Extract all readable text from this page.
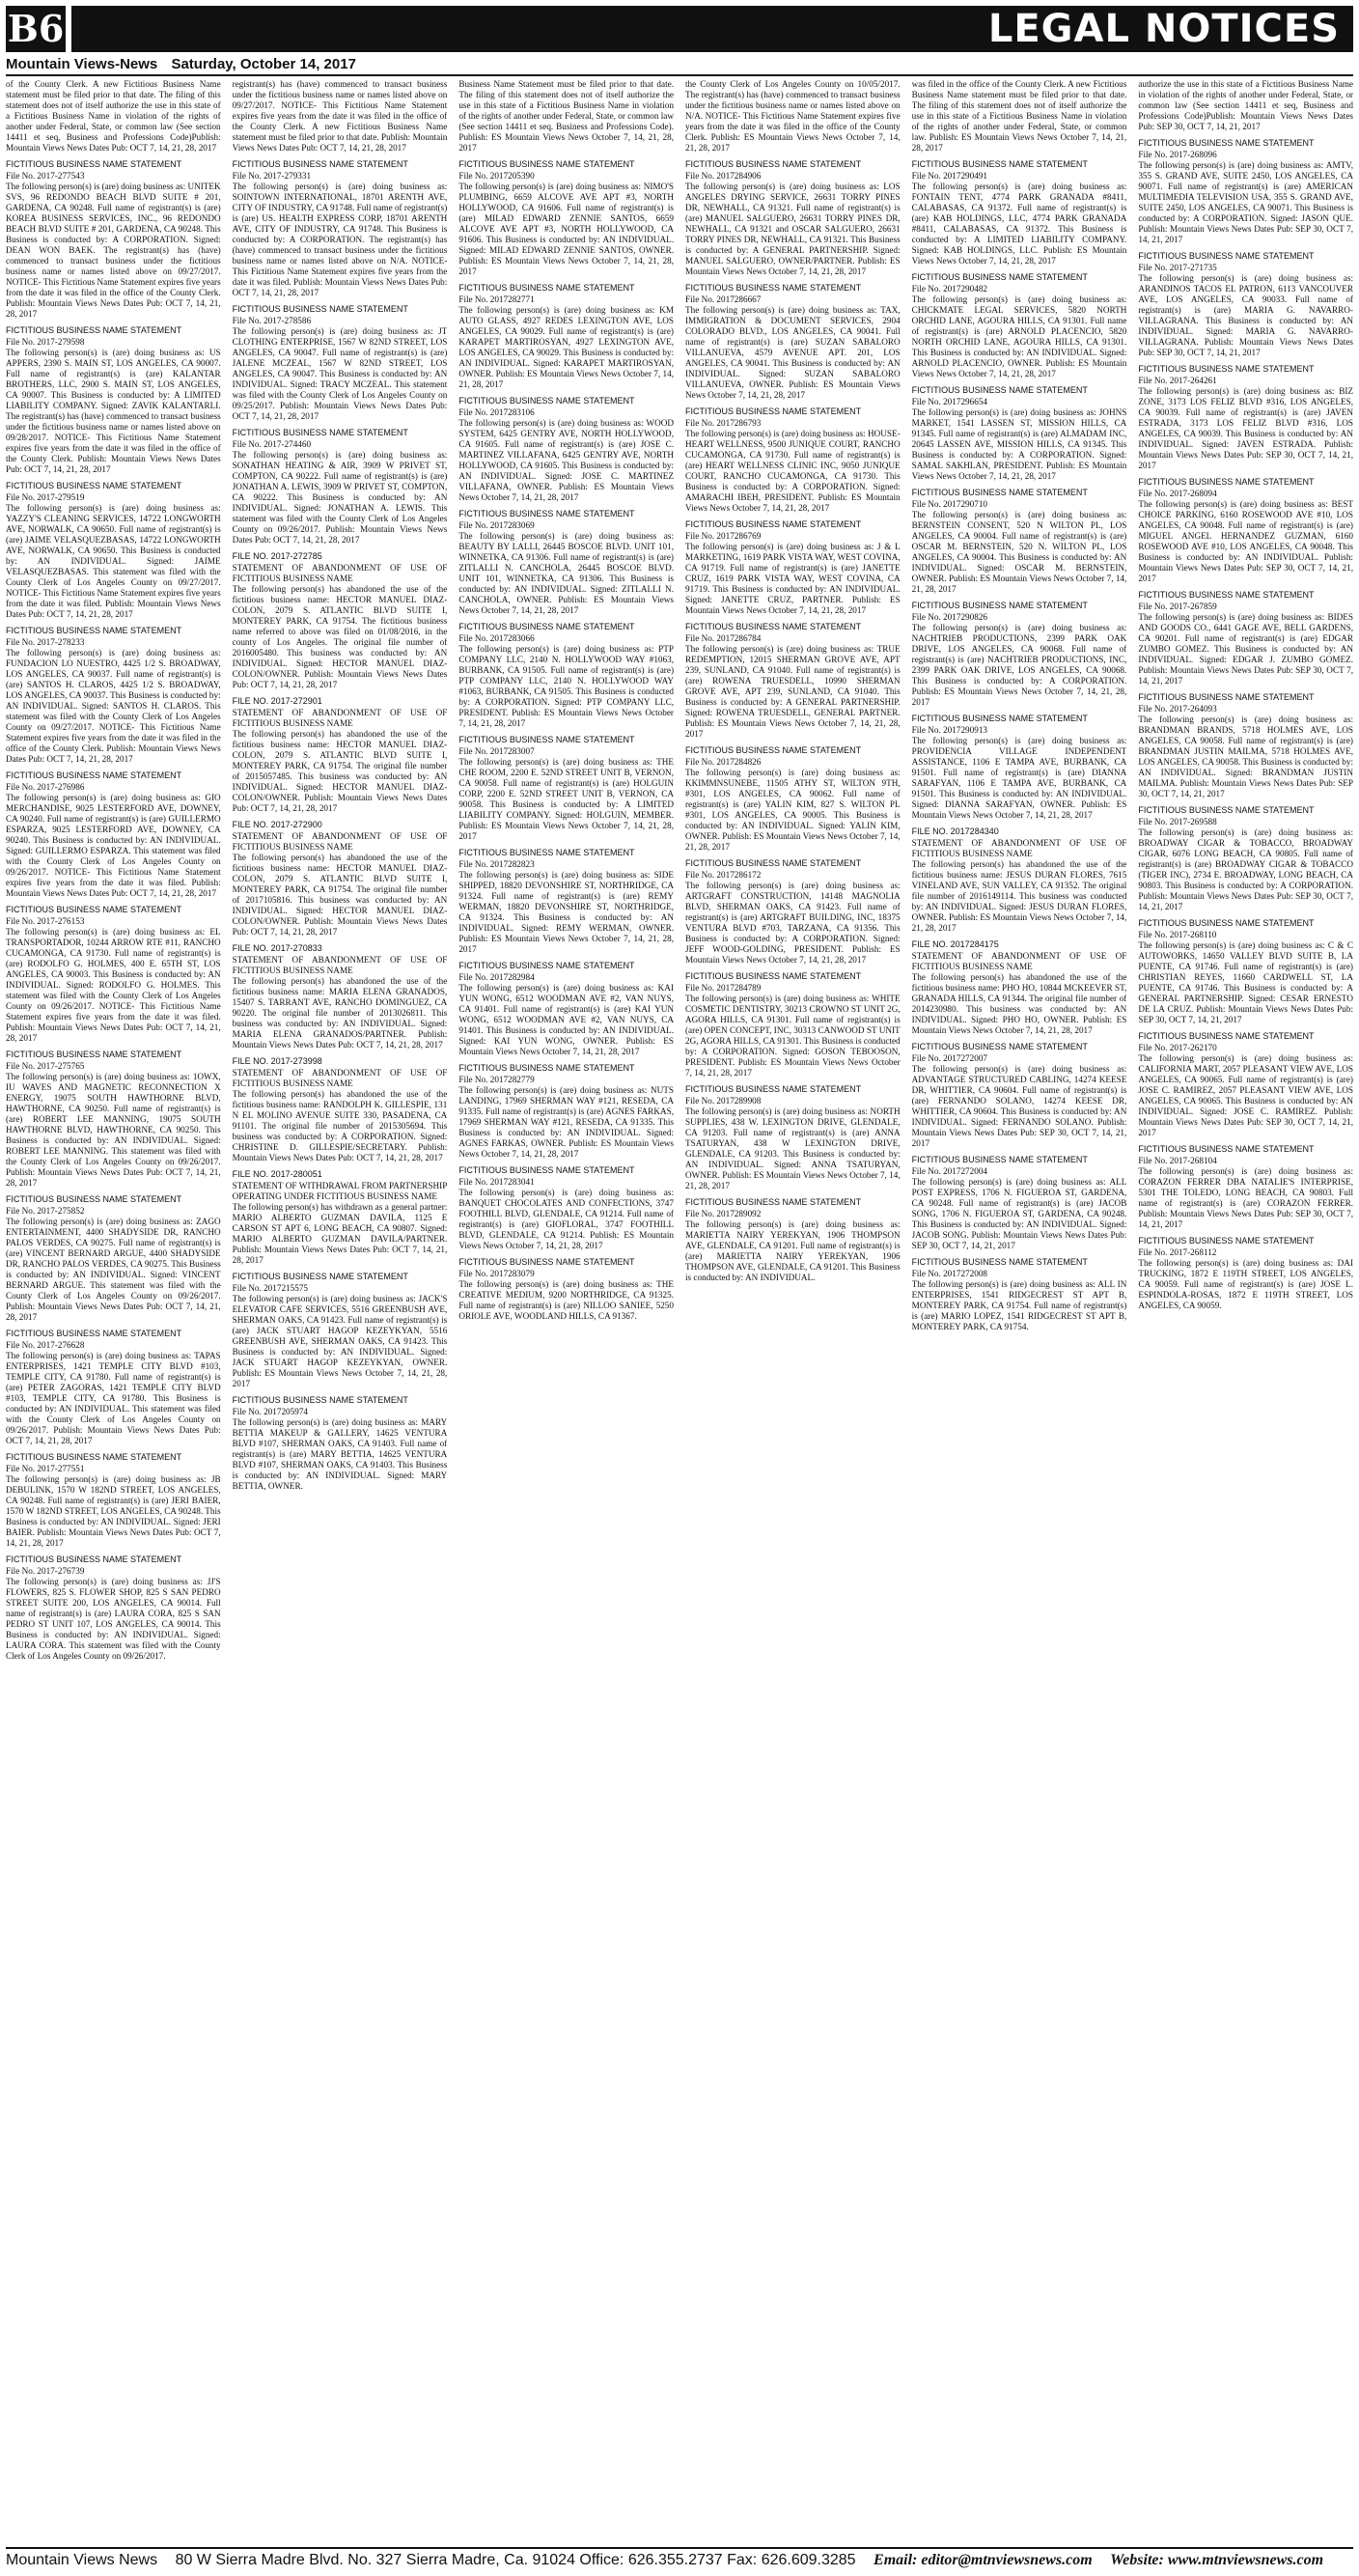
B6	LEGAL NOTICES
Mountain Views-News Saturday, October 14, 2017
of the County Clerk. A new Fictitious Business Name statement must be filed prior to that date. The filing of this statement does not of itself authorize the use in this state of a Fictitious Business Name in violation of the rights of another under Federal, State, or common law (See section 14411 et seq, Business and Professions Code)Publish: Mountain Views News Dates Pub: OCT 7, 14, 21, 28, 2017
FICTITIOUS BUSINESS NAME STATEMENT
File No. 2017-277543
The following person(s) is (are) doing business as: UNITEK SVS, 96 REDONDO BEACH BLVD SUITE # 201, GARDENA, CA 90248. Full name of registrant(s) is (are) KOREA BUSINESS SERVICES, INC., 96 REDONDO BEACH BLVD SUITE # 201, GARDENA, CA 90248. This Business is conducted by: A CORPORATION. Signed: DEAN WON BAEK. The registrant(s) has (have) commenced to transact business under the fictitious business name or names listed above on 09/27/2017. NOTICE- This Fictitious Name Statement expires five years from the date it was filed in the office of the County Clerk. Publish: Mountain Views News Dates Pub: OCT 7, 14, 21, 28, 2017
FICTITIOUS BUSINESS NAME STATEMENT
File No. 2017-279598
The following person(s) is (are) doing business as: US APPERS, 2390 S. MAIN ST, LOS ANGELES, CA 90007. Full name of registrant(s) is (are) KALANTAR BROTHERS, LLC, 2900 S. MAIN ST, LOS ANGELES, CA 90007. This Business is conducted by: A LIMITED LIABILITY COMPANY. Signed: ZAVIK KALANTARLI. The registrant(s) has (have) commenced to transact business under the fictitious business name or names listed above on 09/28/2017. NOTICE- This Fictitious Name Statement expires five years from the date it was filed in the office of the County Clerk. Publish: Mountain Views News Dates Pub: OCT 7, 14, 21, 28, 2017
FICTITIOUS BUSINESS NAME STATEMENT
File No. 2017-279519
The following person(s) is (are) doing business as: YAZZY'S CLEANING SERVICES, 14722 LONGWORTH AVE, NORWALK, CA 90650. Full name of registrant(s) is (are) JAIME VELASQUEZBASAS, 14722 LONGWORTH AVE, NORWALK, CA 90650. This Business is conducted by: AN INDIVIDUAL. Signed: JAIME VELASQUEZBASAS. This statement was filed with the County Clerk of Los Angeles County on 09/27/2017. NOTICE- This Fictitious Name Statement expires five years from the date it was filed. Publish: Mountain Views News Dates Pub: OCT 7, 14, 21, 28, 2017
FICTITIOUS BUSINESS NAME STATEMENT
File No. 2017-278233
The following person(s) is (are) doing business as: FUNDACION LO NUESTRO, 4425 1/2 S. BROADWAY, LOS ANGELES, CA 90037. Full name of registrant(s) is (are) SANTOS H. CLAROS, 4425 1/2 S. BROADWAY, LOS ANGELES, CA 90037. This Business is conducted by: AN INDIVIDUAL. Signed: SANTOS H. CLAROS. This statement was filed with the County Clerk of Los Angeles County on 09/27/2017. NOTICE- This Fictitious Name Statement expires five years from the date it was filed in the office of the County Clerk. Publish: Mountain Views News Dates Pub: OCT 7, 14, 21, 28, 2017
FICTITIOUS BUSINESS NAME STATEMENT
File No. 2017-276986
The following person(s) is (are) doing business as: GIO MERCHANDISE, 9025 LESTERFORD AVE, DOWNEY, CA 90240. Full name of registrant(s) is (are) GUILLERMO ESPARZA, 9025 LESTERFORD AVE, DOWNEY, CA 90240. This Business is conducted by: AN INDIVIDUAL. Signed: GUILLERMO ESPARZA. This statement was filed with the County Clerk of Los Angeles County on 09/26/2017. NOTICE- This Fictitious Name Statement expires five years from the date it was filed. Publish: Mountain Views News Dates Pub: OCT 7, 14, 21, 28, 2017
FICTITIOUS BUSINESS NAME STATEMENT
File No. 2017-276153
The following person(s) is (are) doing business as: EL TRANSPORTADOR, 10244 ARROW RTE #11, RANCHO CUCAMONGA, CA 91730. Full name of registrant(s) is (are) RODOLFO G. HOLMES, 400 E. 65TH ST, LOS ANGELES, CA 90003. This Business is conducted by: AN INDIVIDUAL. Signed: RODOLFO G. HOLMES. This statement was filed with the County Clerk of Los Angeles County on 09/26/2017. NOTICE- This Fictitious Name Statement expires five years from the date it was filed. Publish: Mountain Views News Dates Pub: OCT 7, 14, 21, 28, 2017
FICTITIOUS BUSINESS NAME STATEMENT
File No. 2017-275765
The following person(s) is (are) doing business as: 1OWX, IU WAVES AND MAGNETIC RECONNECTION X ENERGY, 19075 SOUTH HAWTHORNE BLVD, HAWTHORNE, CA 90250. Full name of registrant(s) is (are) ROBERT LEE MANNING, 19075 SOUTH HAWTHORNE BLVD, HAWTHORNE, CA 90250. This Business is conducted by: AN INDIVIDUAL. Signed: ROBERT LEE MANNING. This statement was filed with the County Clerk of Los Angeles County on 09/26/2017. Publish: Mountain Views News Dates Pub: OCT 7, 14, 21, 28, 2017
FICTITIOUS BUSINESS NAME STATEMENT
File No. 2017-275852
The following person(s) is (are) doing business as: ZAGO ENTERTAINMENT, 4400 SHADYSIDE DR, RANCHO PALOS VERDES, CA 90275. Full name of registrant(s) is (are) VINCENT BERNARD ARGUE, 4400 SHADYSIDE DR, RANCHO PALOS VERDES, CA 90275. This Business is conducted by: AN INDIVIDUAL. Signed: VINCENT BERNARD ARGUE. This statement was filed with the County Clerk of Los Angeles County on 09/26/2017. Publish: Mountain Views News Dates Pub: OCT 7, 14, 21, 28, 2017
FICTITIOUS BUSINESS NAME STATEMENT
File No. 2017-276628
The following person(s) is (are) doing business as: TAPAS ENTERPRISES, 1421 TEMPLE CITY BLVD #103, TEMPLE CITY, CA 91780. Full name of registrant(s) is (are) PETER ZAGORAS, 1421 TEMPLE CITY BLVD #103, TEMPLE CITY, CA 91780. This Business is conducted by: AN INDIVIDUAL. This statement was filed with the County Clerk of Los Angeles County on 09/26/2017. Publish: Mountain Views News Dates Pub: OCT 7, 14, 21, 28, 2017
FICTITIOUS BUSINESS NAME STATEMENT
File No. 2017-277551
The following person(s) is (are) doing business as: JB DEBULINK, 1570 W 182ND STREET, LOS ANGELES, CA 90248. Full name of registrant(s) is (are) JERI BAIER, 1570 W 182ND STREET, LOS ANGELES, CA 90248. This Business is conducted by: AN INDIVIDUAL. Signed: JERI BAIER. Publish: Mountain Views News Dates Pub: OCT 7, 14, 21, 28, 2017
FICTITIOUS BUSINESS NAME STATEMENT
File No. 2017-276739
The following person(s) is (are) doing business as: JJ'S FLOWERS, 825 S. FLOWER SHOP, 825 S SAN PEDRO STREET SUITE 200, LOS ANGELES, CA 90014. Full name of registrant(s) is (are) LAURA CORA, 825 S SAN PEDRO ST UNIT 107, LOS ANGELES, CA 90014. This Business is conducted by: AN INDIVIDUAL. Signed: LAURA CORA. This statement was filed with the County Clerk of Los Angeles County on 09/26/2017.
registrant(s) has (have) commenced to transact business under the fictitious business name or names listed above on 09/27/2017. NOTICE- This Fictitious Name Statement expires five years from the date it was filed in the office of the County Clerk. A new Fictitious Business Name statement must be filed prior to that date. Publish: Mountain Views News Dates Pub: OCT 7, 14, 21, 28, 2017
FICTITIOUS BUSINESS NAME STATEMENT
File No. 2017-279331
The following person(s) is (are) doing business as: SOINTOWN INTERNATIONAL, 18701 ARENTH AVE, CITY OF INDUSTRY, CA 91748. Full name of registrant(s) is (are) US. HEALTH EXPRESS CORP, 18701 ARENTH AVE, CITY OF INDUSTRY, CA 91748. This Business is conducted by: A CORPORATION. The registrant(s) has (have) commenced to transact business under the fictitious business name or names listed above on N/A. NOTICE- This Fictitious Name Statement expires five years from the date it was filed. Publish: Mountain Views News Dates Pub: OCT 7, 14, 21, 28, 2017
FICTITIOUS BUSINESS NAME STATEMENT
File No. 2017-278586
The following person(s) is (are) doing business as: JT CLOTHING ENTERPRISE, 1567 W 82ND STREET, LOS ANGELES, CA 90047. Full name of registrant(s) is (are) JALENE MCZEAL, 1567 W 82ND STREET, LOS ANGELES, CA 90047. This Business is conducted by: AN INDIVIDUAL. Signed: TRACY MCZEAL. This statement was filed with the County Clerk of Los Angeles County on 09/25/2017. Publish: Mountain Views News Dates Pub: OCT 7, 14, 21, 28, 2017
FICTITIOUS BUSINESS NAME STATEMENT
File No. 2017-274460
The following person(s) is (are) doing business as: SONATHAN HEATING & AIR, 3909 W PRIVET ST, COMPTON, CA 90222. Full name of registrant(s) is (are) JONATHAN A. LEWIS, 3909 W PRIVET ST, COMPTON, CA 90222. This Business is conducted by: AN INDIVIDUAL. Signed: JONATHAN A. LEWIS. This statement was filed with the County Clerk of Los Angeles County on 09/26/2017. Publish: Mountain Views News Dates Pub: OCT 7, 14, 21, 28, 2017
FILE NO. 2017-272785
STATEMENT OF ABANDONMENT OF USE OF FICTITIOUS BUSINESS NAME
The following person(s) has abandoned the use of the fictitious business name: HECTOR MANUEL DIAZ-COLON, 2079 S. ATLANTIC BLVD SUITE I, MONTEREY PARK, CA 91754. The fictitious business name referred to above was filed on 01/08/2016, in the county of Los Angeles. The original file number of 2016005480. This business was conducted by: AN INDIVIDUAL. Signed: HECTOR MANUEL DIAZ-COLON/OWNER. Publish: Mountain Views News Dates Pub: OCT 7, 14, 21, 28, 2017
FILE NO. 2017-272901
STATEMENT OF ABANDONMENT OF USE OF FICTITIOUS BUSINESS NAME
The following person(s) has abandoned the use of the fictitious business name: HECTOR MANUEL DIAZ-COLON, 2079 S. ATLANTIC BLVD SUITE I, MONTEREY PARK, CA 91754. The original file number of 2015057485. This business was conducted by: AN INDIVIDUAL. Signed: HECTOR MANUEL DIAZ-COLON/OWNER. Publish: Mountain Views News Dates Pub: OCT 7, 14, 21, 28, 2017
FILE NO. 2017-272900
STATEMENT OF ABANDONMENT OF USE OF FICTITIOUS BUSINESS NAME
The following person(s) has abandoned the use of the fictitious business name: HECTOR MANUEL DIAZ-COLON, 2079 S. ATLANTIC BLVD SUITE I, MONTEREY PARK, CA 91754. The original file number of 2017105816. This business was conducted by: AN INDIVIDUAL. Signed: HECTOR MANUEL DIAZ-COLON/OWNER. Publish: Mountain Views News Dates Pub: OCT 7, 14, 21, 28, 2017
FILE NO. 2017-270833
STATEMENT OF ABANDONMENT OF USE OF FICTITIOUS BUSINESS NAME
The following person(s) has abandoned the use of the fictitious business name: MARIA ELENA GRANADOS, 15407 S. TARRANT AVE, RANCHO DOMINGUEZ, CA 90220. The original file number of 2013026811. This business was conducted by: AN INDIVIDUAL. Signed: MARIA ELENA GRANADOS/PARTNER. Publish: Mountain Views News Dates Pub: OCT 7, 14, 21, 28, 2017
FILE NO. 2017-273998
STATEMENT OF ABANDONMENT OF USE OF FICTITIOUS BUSINESS NAME
The following person(s) has abandoned the use of the fictitious business name: RANDOLPH K. GILLESPIE, 131 N EL MOLINO AVENUE SUITE 330, PASADENA, CA 91101. The original file number of 2015305694. This business was conducted by: A CORPORATION. Signed: CHRISTINE D. GILLESPIE/SECRETARY. Publish: Mountain Views News Dates Pub: OCT 7, 14, 21, 28, 2017
FILE NO. 2017-280051
STATEMENT OF WITHDRAWAL FROM PARTNERSHIP OPERATING UNDER FICTITIOUS BUSINESS NAME
The following person(s) has withdrawn as a general partner: MARIO ALBERTO GUZMAN DAVILA, 1125 E CARSON ST APT 6, LONG BEACH, CA 90807. Signed: MARIO ALBERTO GUZMAN DAVILA/PARTNER. Publish: Mountain Views News Dates Pub: OCT 7, 14, 21, 28, 2017
FICTITIOUS BUSINESS NAME STATEMENT
File No. 2017215575
The following person(s) is (are) doing business as: JACK'S ELEVATOR CAFE SERVICES, 5516 GREENBUSH AVE, SHERMAN OAKS, CA 91423. Full name of registrant(s) is (are) JACK STUART HAGOP KEZEYKYAN, 5516 GREENBUSH AVE, SHERMAN OAKS, CA 91423. This Business is conducted by: AN INDIVIDUAL. Signed: JACK STUART HAGOP KEZEYKYAN, OWNER. Publish: ES Mountain Views News October 7, 14, 21, 28, 2017
FICTITIOUS BUSINESS NAME STATEMENT
File No. 2017205974
The following person(s) is (are) doing business as: MARY BETTIA MAKEUP & GALLERY, 14625 VENTURA BLVD #107, SHERMAN OAKS, CA 91403. Full name of registrant(s) is (are) MARY BETTIA, 14625 VENTURA BLVD #107, SHERMAN OAKS, CA 91403. This Business is conducted by: AN INDIVIDUAL. Signed: MARY BETTIA, OWNER.
Business Name Statement must be filed prior to that date. The filing of this statement does not of itself authorize the use in this state of a Fictitious Business Name in violation of the rights of another under Federal, State, or common law (See section 14411 et seq. Business and Professions Code). Publish: ES Mountain Views News October 7, 14, 21, 28, 2017
FICTITIOUS BUSINESS NAME STATEMENT
File No. 2017205390
The following person(s) is (are) doing business as: NIMO'S PLUMBING, 6659 ALCOVE AVE APT #3, NORTH HOLLYWOOD, CA 91606. Full name of registrant(s) is (are) MILAD EDWARD ZENNIE SANTOS, 6659 ALCOVE AVE APT #3, NORTH HOLLYWOOD, CA 91606. This Business is conducted by: AN INDIVIDUAL. Signed: MILAD EDWARD ZENNIE SANTOS, OWNER. Publish: ES Mountain Views News October 7, 14, 21, 28, 2017
FICTITIOUS BUSINESS NAME STATEMENT
File No. 2017282771
The following person(s) is (are) doing business as: KM AUTO GLASS, 4927 REDES LEXINGTON AVE, LOS ANGELES, CA 90029. Full name of registrant(s) is (are) KARAPET MARTIROSYAN, 4927 LEXINGTON AVE, LOS ANGELES, CA 90029. This Business is conducted by: AN INDIVIDUAL. Signed: KARAPET MARTIROSYAN, OWNER. Publish: ES Mountain Views News October 7, 14, 21, 28, 2017
FICTITIOUS BUSINESS NAME STATEMENT
File No. 2017283106
The following person(s) is (are) doing business as: WOOD SYSTEM, 6425 GENTRY AVE, NORTH HOLLYWOOD, CA 91605. Full name of registrant(s) is (are) JOSE C. MARTINEZ VILLAFANA, 6425 GENTRY AVE, NORTH HOLLYWOOD, CA 91605. This Business is conducted by: AN INDIVIDUAL. Signed: JOSE C. MARTINEZ VILLAFANA, OWNER. Publish: ES Mountain Views News October 7, 14, 21, 28, 2017
FICTITIOUS BUSINESS NAME STATEMENT
File No. 2017283069
The following person(s) is (are) doing business as: BEAUTY BY LALLI, 26445 BOSCOE BLVD. UNIT 101, WINNETKA, CA 91306. Full name of registrant(s) is (are) ZITLALLI N. CANCHOLA, 26445 BOSCOE BLVD. UNIT 101, WINNETKA, CA 91306. This Business is conducted by: AN INDIVIDUAL. Signed: ZITLALLI N. CANCHOLA, OWNER. Publish: ES Mountain Views News October 7, 14, 21, 28, 2017
FICTITIOUS BUSINESS NAME STATEMENT
File No. 2017283066
The following person(s) is (are) doing business as: PTP COMPANY LLC, 2140 N. HOLLYWOOD WAY #1063, BURBANK, CA 91505. Full name of registrant(s) is (are) PTP COMPANY LLC, 2140 N. HOLLYWOOD WAY #1063, BURBANK, CA 91505. This Business is conducted by: A CORPORATION. Signed: PTP COMPANY LLC, PRESIDENT. Publish: ES Mountain Views News October 7, 14, 21, 28, 2017
FICTITIOUS BUSINESS NAME STATEMENT
File No. 2017283007
The following person(s) is (are) doing business as: THE CHE ROOM, 2200 E. 52ND STREET UNIT B, VERNON, CA 90058. Full name of registrant(s) is (are) HOLGUIN CORP, 2200 E. 52ND STREET UNIT B, VERNON, CA 90058. This Business is conducted by: A LIMITED LIABILITY COMPANY. Signed: HOLGUIN, MEMBER. Publish: ES Mountain Views News October 7, 14, 21, 28, 2017
FICTITIOUS BUSINESS NAME STATEMENT
File No. 2017282823
The following person(s) is (are) doing business as: SIDE SHIPPED, 18820 DEVONSHIRE ST, NORTHRIDGE, CA 91324. Full name of registrant(s) is (are) REMY WERMAN, 18820 DEVONSHIRE ST, NORTHRIDGE, CA 91324. This Business is conducted by: AN INDIVIDUAL. Signed: REMY WERMAN, OWNER. Publish: ES Mountain Views News October 7, 14, 21, 28, 2017
FICTITIOUS BUSINESS NAME STATEMENT
File No. 2017282984
The following person(s) is (are) doing business as: KAI YUN WONG, 6512 WOODMAN AVE #2, VAN NUYS, CA 91401. Full name of registrant(s) is (are) KAI YUN WONG, 6512 WOODMAN AVE #2, VAN NUYS, CA 91401. This Business is conducted by: AN INDIVIDUAL. Signed: KAI YUN WONG, OWNER. Publish: ES Mountain Views News October 7, 14, 21, 28, 2017
FICTITIOUS BUSINESS NAME STATEMENT
File No. 2017282779
The following person(s) is (are) doing business as: NUTS LANDING, 17969 SHERMAN WAY #121, RESEDA, CA 91335. Full name of registrant(s) is (are) AGNES FARKAS, 17969 SHERMAN WAY #121, RESEDA, CA 91335. This Business is conducted by: AN INDIVIDUAL. Signed: AGNES FARKAS, OWNER. Publish: ES Mountain Views News October 7, 14, 21, 28, 2017
FICTITIOUS BUSINESS NAME STATEMENT
File No. 2017283041
The following person(s) is (are) doing business as: BANQUET CHOCOLATES AND CONFECTIONS, 3747 FOOTHILL BLVD, GLENDALE, CA 91214. Full name of registrant(s) is (are) GIOFLORAL, 3747 FOOTHILL BLVD, GLENDALE, CA 91214. Publish: ES Mountain Views News October 7, 14, 21, 28, 2017
FICTITIOUS BUSINESS NAME STATEMENT
File No. 2017283079
The following person(s) is (are) doing business as: THE CREATIVE MEDIUM, 9200 NORTHRIDGE, CA 91325. Full name of registrant(s) is (are) NILLOO SANIEE, 5250 ORIOLE AVE, WOODLAND HILLS, CA 91367.
the County Clerk of Los Angeles County on 10/05/2017. The registrant(s) has (have) commenced to transact business under the fictitious business name or names listed above on N/A. NOTICE- This Fictitious Name Statement expires five years from the date it was filed in the office of the County Clerk. Publish: ES Mountain Views News October 7, 14, 21, 28, 2017
FICTITIOUS BUSINESS NAME STATEMENT
File No. 2017284906
The following person(s) is (are) doing business as: LOS ANGELES DRYING SERVICE, 26631 TORRY PINES DR, NEWHALL, CA 91321. Full name of registrant(s) is (are) MANUEL SALGUERO, 26631 TORRY PINES DR, NEWHALL, CA 91321 and OSCAR SALGUERO, 26631 TORRY PINES DR, NEWHALL, CA 91321. This Business is conducted by: A GENERAL PARTNERSHIP. Signed: MANUEL SALGUERO, OWNER/PARTNER. Publish: ES Mountain Views News October 7, 14, 21, 28, 2017
FICTITIOUS BUSINESS NAME STATEMENT
File No. 2017286667
The following person(s) is (are) doing business as: TAX, IMMIGRATION & DOCUMENT SERVICES, 2904 COLORADO BLVD., LOS ANGELES, CA 90041. Full name of registrant(s) is (are) SUZAN SABALORO VILLANUEVA, 4579 AVENUE APT. 201, LOS ANGELES, CA 90041. This Business is conducted by: AN INDIVIDUAL. Signed: SUZAN SABALORO VILLANUEVA, OWNER. Publish: ES Mountain Views News October 7, 14, 21, 28, 2017
FICTITIOUS BUSINESS NAME STATEMENT
File No. 2017286793
The following person(s) is (are) doing business as: HOUSE-HEART WELLNESS, 9500 JUNIQUE COURT, RANCHO CUCAMONGA, CA 91730. Full name of registrant(s) is (are) HEART WELLNESS CLINIC INC, 9050 JUNIQUE COURT, RANCHO CUCAMONGA, CA 91730. This Business is conducted by: A CORPORATION. Signed: AMARACHI IBEH, PRESIDENT. Publish: ES Mountain Views News October 7, 14, 21, 28, 2017
FICTITIOUS BUSINESS NAME STATEMENT
File No. 2017286769
The following person(s) is (are) doing business as: J & L MARKETING, 1619 PARK VISTA WAY, WEST COVINA, CA 91719. Full name of registrant(s) is (are) JANETTE CRUZ, 1619 PARK VISTA WAY, WEST COVINA, CA 91719. This Business is conducted by: AN INDIVIDUAL. Signed: JANETTE CRUZ, PARTNER. Publish: ES Mountain Views News October 7, 14, 21, 28, 2017
FICTITIOUS BUSINESS NAME STATEMENT
File No. 2017286784
The following person(s) is (are) doing business as: TRUE REDEMPTION, 12015 SHERMAN GROVE AVE, APT 239, SUNLAND, CA 91040. Full name of registrant(s) is (are) ROWENA TRUESDELL, 10990 SHERMAN GROVE AVE, APT 239, SUNLAND, CA 91040. This Business is conducted by: A GENERAL PARTNERSHIP. Signed: ROWENA TRUESDELL, GENERAL PARTNER. Publish: ES Mountain Views News October 7, 14, 21, 28, 2017
FICTITIOUS BUSINESS NAME STATEMENT
File No. 2017284826
The following person(s) is (are) doing business as: KKIMMNSUNEBE, 11505 ATHY ST, WILTON 9TH, #301, LOS ANGELES, CA 90062. Full name of registrant(s) is (are) YALIN KIM, 827 S. WILTON PL #301, LOS ANGELES, CA 90005. This Business is conducted by: AN INDIVIDUAL. Signed: YALIN KIM, OWNER. Publish: ES Mountain Views News October 7, 14, 21, 28, 2017
FICTITIOUS BUSINESS NAME STATEMENT
File No. 2017286172
The following person(s) is (are) doing business as: ARTGRAFT CONSTRUCTION, 14148 MAGNOLIA BLVD, SHERMAN OAKS, CA 91423. Full name of registrant(s) is (are) ARTGRAFT BUILDING, INC, 18375 VENTURA BLVD #703, TARZANA, CA 91356. This Business is conducted by: A CORPORATION. Signed: JEFF WOOD-GOLDING, PRESIDENT. Publish: ES Mountain Views News October 7, 14, 21, 28, 2017
FICTITIOUS BUSINESS NAME STATEMENT
File No. 2017284789
The following person(s) is (are) doing business as: WHITE COSMETIC DENTISTRY, 30213 CROWNO ST UNIT 2G, AGORA HILLS, CA 91301. Full name of registrant(s) is (are) OPEN CONCEPT, INC, 30313 CANWOOD ST UNIT 2G, AGORA HILLS, CA 91301. This Business is conducted by: A CORPORATION. Signed: GOSON TEBOOSON, PRESIDENT. Publish: ES Mountain Views News October 7, 14, 21, 28, 2017
FICTITIOUS BUSINESS NAME STATEMENT
File No. 2017289908
The following person(s) is (are) doing business as: NORTH SUPPLIES, 438 W. LEXINGTON DRIVE, GLENDALE, CA 91203. Full name of registrant(s) is (are) ANNA TSATURYAN, 438 W LEXINGTON DRIVE, GLENDALE, CA 91203. This Business is conducted by: AN INDIVIDUAL. Signed: ANNA TSATURYAN, OWNER. Publish: ES Mountain Views News October 7, 14, 21, 28, 2017
FICTITIOUS BUSINESS NAME STATEMENT
File No. 2017289092
The following person(s) is (are) doing business as: MARIETTA NAIRY YEREKYAN, 1906 THOMPSON AVE, GLENDALE, CA 91201. Full name of registrant(s) is (are) MARIETTA NAIRY YEREKYAN, 1906 THOMPSON AVE, GLENDALE, CA 91201. This Business is conducted by: AN INDIVIDUAL.
was filed in the office of the County Clerk. A new Fictitious Business Name statement must be filed prior to that date. The filing of this statement does not of itself authorize the use in this state of a Fictitious Business Name in violation of the rights of another under Federal, State, or common law. Publish: ES Mountain Views News October 7, 14, 21, 28, 2017
FICTITIOUS BUSINESS NAME STATEMENT
File No. 2017290491
The following person(s) is (are) doing business as: FONTAIN TENT, 4774 PARK GRANADA #8411, CALABASAS, CA 91372. Full name of registrant(s) is (are) KAB HOLDINGS, LLC, 4774 PARK GRANADA #8411, CALABASAS, CA 91372. This Business is conducted by: A LIMITED LIABILITY COMPANY. Signed: KAB HOLDINGS, LLC. Publish: ES Mountain Views News October 7, 14, 21, 28, 2017
FICTITIOUS BUSINESS NAME STATEMENT
File No. 2017290482
The following person(s) is (are) doing business as: CHICKMATE LEGAL SERVICES, 5820 NORTH ORCHID LANE, AGOURA HILLS, CA 91301. Full name of registrant(s) is (are) ARNOLD PLACENCIO, 5820 NORTH ORCHID LANE, AGOURA HILLS, CA 91301. This Business is conducted by: AN INDIVIDUAL. Signed: ARNOLD PLACENCIO, OWNER. Publish: ES Mountain Views News October 7, 14, 21, 28, 2017
FICTITIOUS BUSINESS NAME STATEMENT
File No. 2017296654
The following person(s) is (are) doing business as: JOHNS MARKET, 1541 LASSEN ST, MISSION HILLS, CA 91345. Full name of registrant(s) is (are) ALMADAM INC, 20645 LASSEN AVE, MISSION HILLS, CA 91345. This Business is conducted by: A CORPORATION. Signed: SAMAL SAKHLAN, PRESIDENT. Publish: ES Mountain Views News October 7, 14, 21, 28, 2017
FICTITIOUS BUSINESS NAME STATEMENT
File No. 2017290710
The following person(s) is (are) doing business as: BERNSTEIN CONSENT, 520 N WILTON PL, LOS ANGELES, CA 90004. Full name of registrant(s) is (are) OSCAR M. BERNSTEIN, 520 N. WILTON PL, LOS ANGELES, CA 90004. This Business is conducted by: AN INDIVIDUAL. Signed: OSCAR M. BERNSTEIN, OWNER. Publish: ES Mountain Views News October 7, 14, 21, 28, 2017
FICTITIOUS BUSINESS NAME STATEMENT
File No. 2017290826
The following person(s) is (are) doing business as: NACHTRIEB PRODUCTIONS, 2399 PARK OAK DRIVE, LOS ANGELES, CA 90068. Full name of registrant(s) is (are) NACHTRIEB PRODUCTIONS, INC, 2399 PARK OAK DRIVE, LOS ANGELES, CA 90068. This Business is conducted by: A CORPORATION. Publish: ES Mountain Views News October 7, 14, 21, 28, 2017
FICTITIOUS BUSINESS NAME STATEMENT
File No. 2017290913
The following person(s) is (are) doing business as: PROVIDENCIA VILLAGE INDEPENDENT ASSISTANCE, 1106 E TAMPA AVE, BURBANK, CA 91501. Full name of registrant(s) is (are) DIANNA SARAFYAN, 1106 E TAMPA AVE, BURBANK, CA 91501. This Business is conducted by: AN INDIVIDUAL. Signed: DIANNA SARAFYAN, OWNER. Publish: ES Mountain Views News October 7, 14, 21, 28, 2017
FILE NO. 2017284340
STATEMENT OF ABANDONMENT OF USE OF FICTITIOUS BUSINESS NAME
The following person(s) has abandoned the use of the fictitious business name: JESUS DURAN FLORES, 7615 VINELAND AVE, SUN VALLEY, CA 91352. The original file number of 2016149114. This business was conducted by: AN INDIVIDUAL. Signed: JESUS DURAN FLORES, OWNER. Publish: ES Mountain Views News October 7, 14, 21, 28, 2017
FILE NO. 2017284175
STATEMENT OF ABANDONMENT OF USE OF FICTITIOUS BUSINESS NAME
The following person(s) has abandoned the use of the fictitious business name: PHO HO, 10844 MCKEEVER ST, GRANADA HILLS, CA 91344. The original file number of 2014230980. This business was conducted by: AN INDIVIDUAL. Signed: PHO HO, OWNER. Publish: ES Mountain Views News October 7, 14, 21, 28, 2017
FICTITIOUS BUSINESS NAME STATEMENT
File No. 2017272007
The following person(s) is (are) doing business as: ADVANTAGE STRUCTURED CABLING, 14274 KEESE DR, WHITTIER, CA 90604. Full name of registrant(s) is (are) FERNANDO SOLANO, 14274 KEESE DR, WHITTIER, CA 90604. This Business is conducted by: AN INDIVIDUAL. Signed: FERNANDO SOLANO. Publish: Mountain Views News Dates Pub: SEP 30, OCT 7, 14, 21, 2017
FICTITIOUS BUSINESS NAME STATEMENT
File No. 2017272004
The following person(s) is (are) doing business as: ALL POST EXPRESS, 1706 N. FIGUEROA ST, GARDENA, CA 90248. Full name of registrant(s) is (are) JACOB SONG, 1706 N. FIGUEROA ST, GARDENA, CA 90248. This Business is conducted by: AN INDIVIDUAL. Signed: JACOB SONG. Publish: Mountain Views News Dates Pub: SEP 30, OCT 7, 14, 21, 2017
FICTITIOUS BUSINESS NAME STATEMENT
File No. 2017272008
The following person(s) is (are) doing business as: ALL IN ENTERPRISES, 1541 RIDGECREST ST APT B, MONTEREY PARK, CA 91754. Full name of registrant(s) is (are) MARIO LOPEZ, 1541 RIDGECREST ST APT B, MONTEREY PARK, CA 91754.
authorize the use in this state of a Fictitious Business Name in violation of the rights of another under Federal, State, or common law (See section 14411 et seq, Business and Professions Code)Publish: Mountain Views News Dates Pub: SEP 30, OCT 7, 14, 21, 2017
FICTITIOUS BUSINESS NAME STATEMENT
File No. 2017-268096
The following person(s) is (are) doing business as: AMTV, 355 S. GRAND AVE, SUITE 2450, LOS ANGELES, CA 90071. Full name of registrant(s) is (are) AMERICAN MULTIMEDIA TELEVISION USA, 355 S. GRAND AVE, SUITE 2450, LOS ANGELES, CA 90071. This Business is conducted by: A CORPORATION. Signed: JASON QUE. Publish: Mountain Views News Dates Pub: SEP 30, OCT 7, 14, 21, 2017
FICTITIOUS BUSINESS NAME STATEMENT
File No. 2017-271735
The following person(s) is (are) doing business as: ARANDINOS TACOS EL PATRON, 6113 VANCOUVER AVE, LOS ANGELES, CA 90033. Full name of registrant(s) is (are) MARIA G. NAVARRO-VILLAGRANA. This Business is conducted by: AN INDIVIDUAL. Signed: MARIA G. NAVARRO-VILLAGRANA. Publish: Mountain Views News Dates Pub: SEP 30, OCT 7, 14, 21, 2017
FICTITIOUS BUSINESS NAME STATEMENT
File No. 2017-264261
The following person(s) is (are) doing business as: BIZ ZONE, 3173 LOS FELIZ BLVD #316, LOS ANGELES, CA 90039. Full name of registrant(s) is (are) JAVEN ESTRADA, 3173 LOS FELIZ BLVD #316, LOS ANGELES, CA 90039. This Business is conducted by: AN INDIVIDUAL. Signed: JAVEN ESTRADA. Publish: Mountain Views News Dates Pub: SEP 30, OCT 7, 14, 21, 2017
FICTITIOUS BUSINESS NAME STATEMENT
File No. 2017-268094
The following person(s) is (are) doing business as: BEST CHOICE PARKING, 6160 ROSEWOOD AVE #10, LOS ANGELES, CA 90048. Full name of registrant(s) is (are) MIGUEL ANGEL HERNANDEZ GUZMAN, 6160 ROSEWOOD AVE #10, LOS ANGELES, CA 90048. This Business is conducted by: AN INDIVIDUAL. Publish: Mountain Views News Dates Pub: SEP 30, OCT 7, 14, 21, 2017
FICTITIOUS BUSINESS NAME STATEMENT
File No. 2017-267859
The following person(s) is (are) doing business as: BIDES AND GOODS CO., 6441 GAGE AVE, BELL GARDENS, CA 90201. Full name of registrant(s) is (are) EDGAR ZUMBO GOMEZ. This Business is conducted by: AN INDIVIDUAL. Signed: EDGAR J. ZUMBO GOMEZ. Publish: Mountain Views News Dates Pub: SEP 30, OCT 7, 14, 21, 2017
FICTITIOUS BUSINESS NAME STATEMENT
File No. 2017-264093
The following person(s) is (are) doing business as: BRANDMAN BRANDS, 5718 HOLMES AVE, LOS ANGELES, CA 90058. Full name of registrant(s) is (are) BRANDMAN JUSTIN MAILMA, 5718 HOLMES AVE, LOS ANGELES, CA 90058. This Business is conducted by: AN INDIVIDUAL. Signed: BRANDMAN JUSTIN MAILMA. Publish: Mountain Views News Dates Pub: SEP 30, OCT 7, 14, 21, 2017
FICTITIOUS BUSINESS NAME STATEMENT
File No. 2017-269588
The following person(s) is (are) doing business as: BROADWAY CIGAR & TOBACCO, BROADWAY CIGAR, 6076 LONG BEACH, CA 90805. Full name of registrant(s) is (are) BROADWAY CIGAR & TOBACCO (TIGER INC), 2734 E. BROADWAY, LONG BEACH, CA 90803. This Business is conducted by: A CORPORATION. Publish: Mountain Views News Dates Pub: SEP 30, OCT 7, 14, 21, 2017
FICTITIOUS BUSINESS NAME STATEMENT
File No. 2017-268110
The following person(s) is (are) doing business as: C & C AUTOWORKS, 14650 VALLEY BLVD SUITE B, LA PUENTE, CA 91746. Full name of registrant(s) is (are) CHRISTIAN REYES, 11660 CARDWELL ST, LA PUENTE, CA 91746. This Business is conducted by: A GENERAL PARTNERSHIP. Signed: CESAR ERNESTO DE LA CRUZ. Publish: Mountain Views News Dates Pub: SEP 30, OCT 7, 14, 21, 2017
FICTITIOUS BUSINESS NAME STATEMENT
File No. 2017-262170
The following person(s) is (are) doing business as: CALIFORNIA MART, 2057 PLEASANT VIEW AVE, LOS ANGELES, CA 90065. Full name of registrant(s) is (are) JOSE C. RAMIREZ, 2057 PLEASANT VIEW AVE, LOS ANGELES, CA 90065. This Business is conducted by: AN INDIVIDUAL. Signed: JOSE C. RAMIREZ. Publish: Mountain Views News Dates Pub: SEP 30, OCT 7, 14, 21, 2017
FICTITIOUS BUSINESS NAME STATEMENT
File No. 2017-268104
The following person(s) is (are) doing business as: CORAZON FERRER DBA NATALIE'S INTERPRISE, 5301 THE TOLEDO, LONG BEACH, CA 90803. Full name of registrant(s) is (are) CORAZON FERRER. Publish: Mountain Views News Dates Pub: SEP 30, OCT 7, 14, 21, 2017
FICTITIOUS BUSINESS NAME STATEMENT
File No. 2017-268112
The following person(s) is (are) doing business as: DAI TRUCKING, 1872 E 119TH STREET, LOS ANGELES, CA 90059. Full name of registrant(s) is (are) JOSE L. ESPINDOLA-ROSAS, 1872 E 119TH STREET, LOS ANGELES, CA 90059.
Mountain Views News 80 W Sierra Madre Blvd. No. 327 Sierra Madre, Ca. 91024 Office: 626.355.2737 Fax: 626.609.3285 Email: editor@mtnviewsnews.com Website: www.mtnviewsnews.com
